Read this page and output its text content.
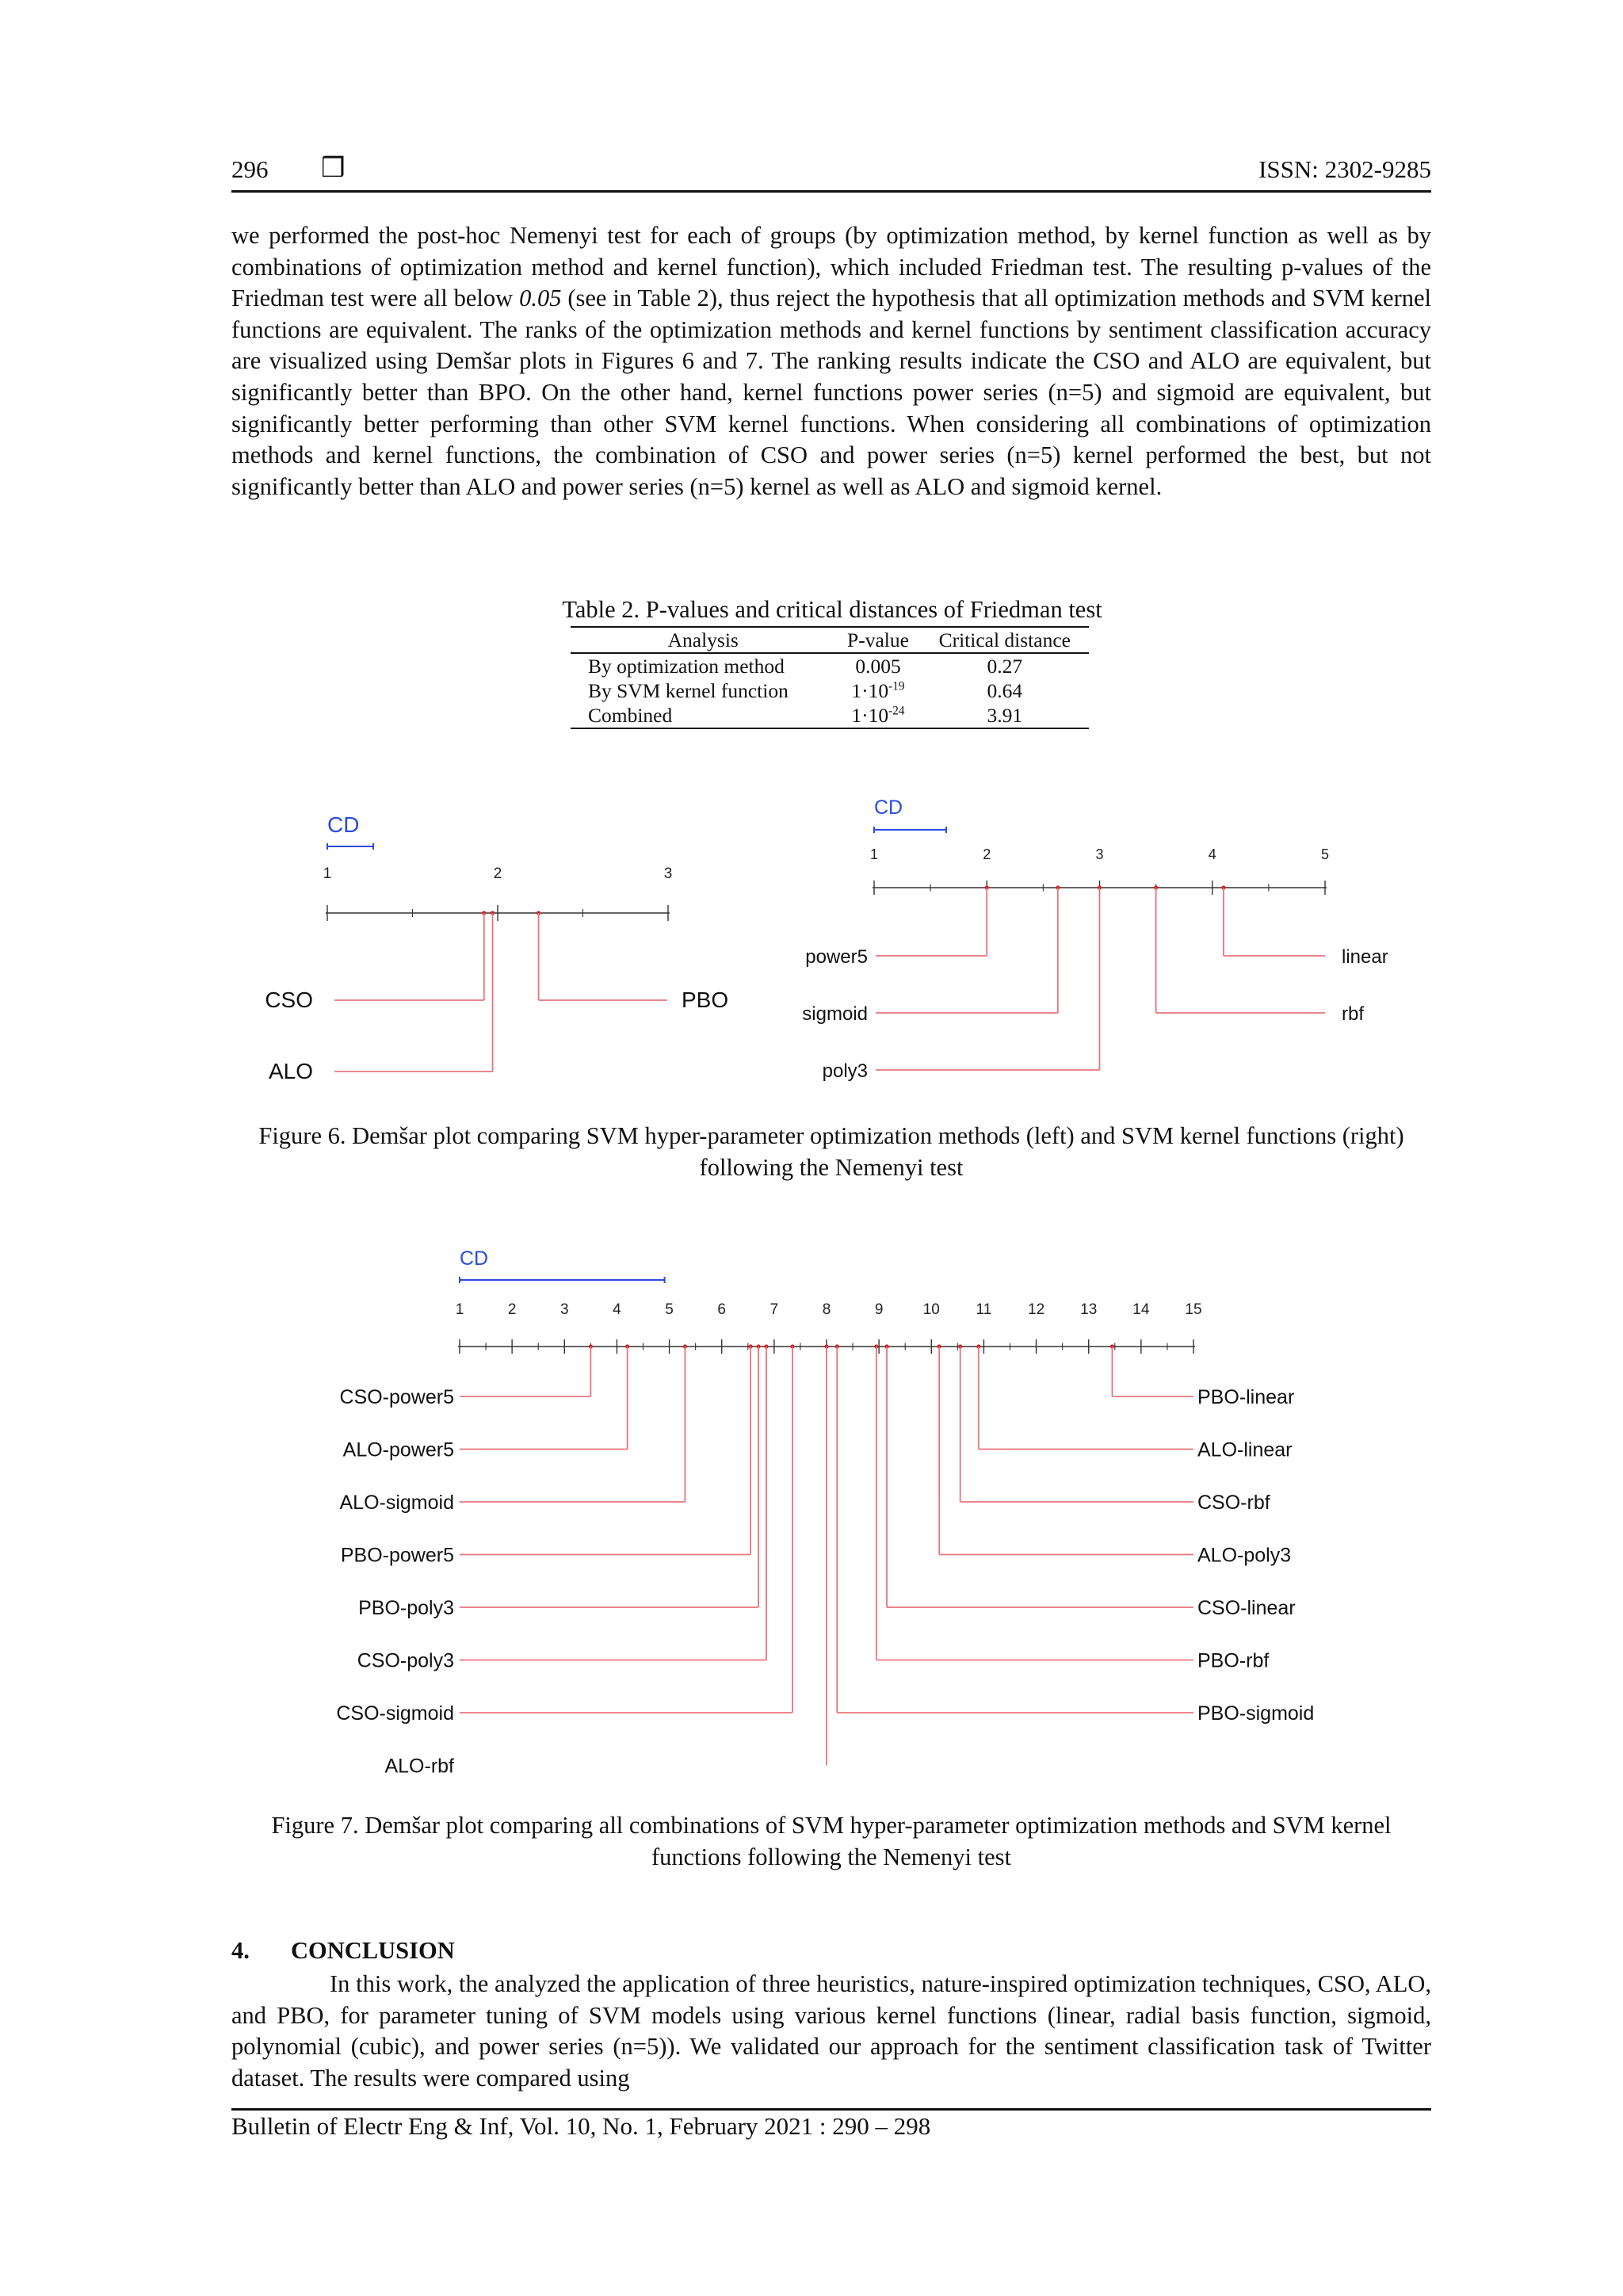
296 ❒	ISSN: 2302-9285

we performed the post-hoc Nemenyi test for each of groups (by optimization method, by kernel function as well as by combinations of optimization method and kernel function), which included Friedman test. The resulting p-values of the Friedman test were all below 0.05 (see in Table 2), thus reject the hypothesis that all optimization methods and SVM kernel functions are equivalent. The ranks of the optimization methods and kernel functions by sentiment classification accuracy are visualized using Demšar plots in Figures 6 and 7. The ranking results indicate the CSO and ALO are equivalent, but significantly better than BPO. On the other hand, kernel functions power series (n=5) and sigmoid are equivalent, but significantly better performing than other SVM kernel functions. When considering all combinations of optimization methods and kernel functions, the combination of CSO and power series (n=5) kernel performed the best, but not significantly better than ALO and power series (n=5) kernel as well as ALO and sigmoid kernel.

Table 2. P-values and critical distances of Friedman test
Analysis	P-value	Critical distance
By optimization method	0.005	0.27
By SVM kernel function	$1\cdot 10^{-19}$	0.64
Combined	$1\cdot 10^{-24}$	3.91
1	2	3
CD
CSO
ALO
PBO
1	2	3	4	5
CD
power5
sigmoid
poly3
linear
rbf
Figure 6. Demšar plot comparing SVM hyper-parameter optimization methods (left) and SVM kernel functions (right) following the Nemenyi test
1	2	3	4	5	6	7	8	9	10 11 12 13 14 15
CD
CSO-power5
ALO-power5
ALO-sigmoid
PBO-power5
PBO-poly3
CSO-poly3
CSO-sigmoid
ALO-rbf
PBO-linear
ALO-linear
CSO-rbf
ALO-poly3
CSO-linear
PBO-rbf
PBO-sigmoid
Figure 7. Demšar plot comparing all combinations of SVM hyper-parameter optimization methods and SVM kernel functions following the Nemenyi test
4. CONCLUSION
In this work, the analyzed the application of three heuristics, nature-inspired optimization techniques, CSO, ALO, and PBO, for parameter tuning of SVM models using various kernel functions (linear, radial basis function, sigmoid, polynomial (cubic), and power series (n=5)). We validated our approach for the sentiment classification task of Twitter dataset. The results were compared using
Bulletin of Electr Eng & Inf, Vol. 10, No. 1, February 2021 : 290 – 298
